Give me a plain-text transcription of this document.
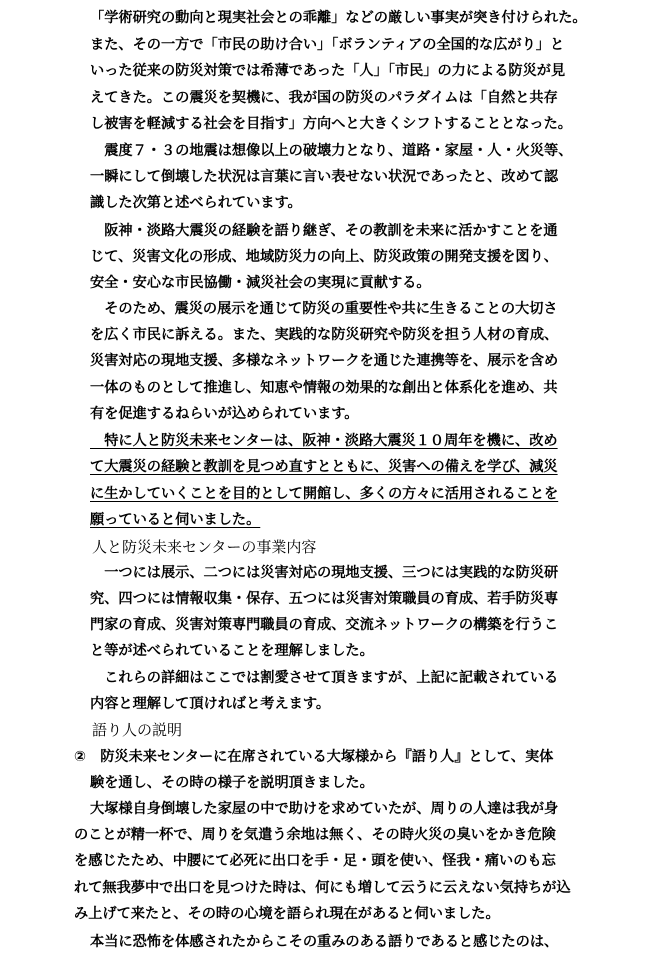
「学術研究の動向と現実社会との乖離」などの厳しい事実が突き付けられた。
また、その一方で「市民の助け合い」「ボランティアの全国的な広がり」と
いった従来の防災対策では希薄であった「人」「市民」の力による防災が見
えてきた。この震災を契機に、我が国の防災のパラダイムは「自然と共存
し被害を軽減する社会を目指す」方向へと大きくシフトすることとなった。
　震度７・３の地震は想像以上の破壊力となり、道路・家屋・人・火災等、
一瞬にして倒壊した状況は言葉に言い表せない状況であったと、改めて認
識した次第と述べられています。
　阪神・淡路大震災の経験を語り継ぎ、その教訓を未来に活かすことを通
じて、災害文化の形成、地域防災力の向上、防災政策の開発支援を図り、
安全・安心な市民協働・減災社会の実現に貢献する。
　そのため、震災の展示を通じて防災の重要性や共に生きることの大切さ
を広く市民に訴える。また、実践的な防災研究や防災を担う人材の育成、
災害対応の現地支援、多様なネットワークを通じた連携等を、展示を含め
一体のものとして推進し、知恵や情報の効果的な創出と体系化を進め、共
有を促進するねらいが込められています。
　特に人と防災未来センターは、阪神・淡路大震災１０周年を機に、改め
て大震災の経験と教訓を見つめ直すとともに、災害への備えを学び、減災
に生かしていくことを目的として開館し、多くの方々に活用されることを
願っていると伺いました。
人と防災未来センターの事業内容
　一つには展示、二つには災害対応の現地支援、三つには実践的な防災研
究、四つには情報収集・保存、五つには災害対策職員の育成、若手防災専
門家の育成、災害対策専門職員の育成、交流ネットワークの構築を行うこ
と等が述べられていることを理解しました。
　これらの詳細はここでは割愛させて頂きますが、上記に記載されている
内容と理解して頂ければと考えます。
語り人の説明
②　防災未来センターに在席されている大塚様から『語り人』として、実体
験を通し、その時の様子を説明頂きました。
大塚様自身倒壊した家屋の中で助けを求めていたが、周りの人達は我が身
のことが精一杯で、周りを気遣う余地は無く、その時火災の臭いをかき危険
を感じたため、中腰にて必死に出口を手・足・頭を使い、怪我・痛いのも忘
れて無我夢中で出口を見つけた時は、何にも増して云うに云えない気持ちが込
み上げて来たと、その時の心境を語られ現在があると伺いました。
本当に恐怖を体感されたからこその重みのある語りであると感じたのは、
